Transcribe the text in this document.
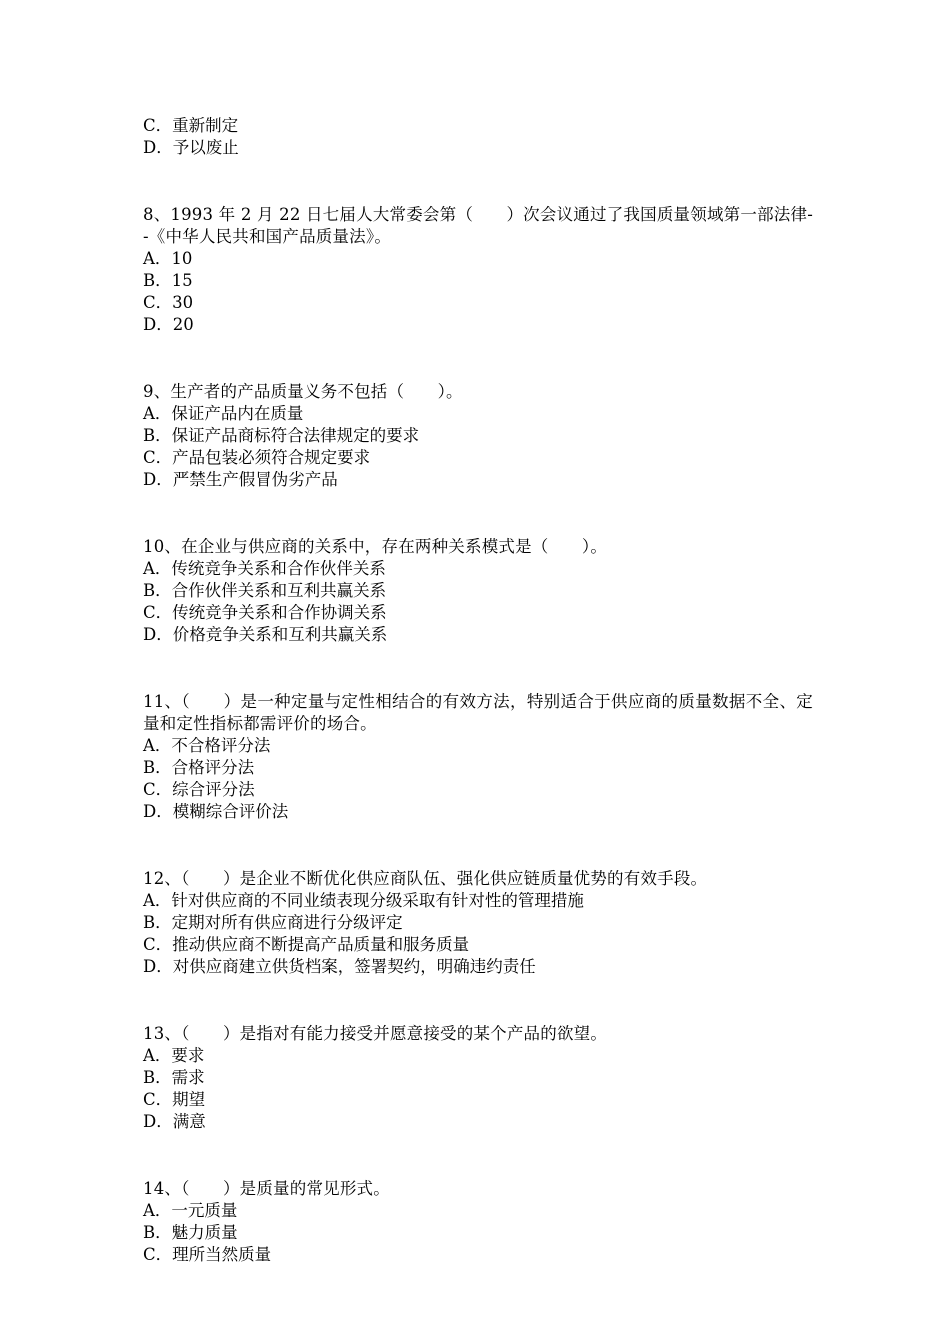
C．重新制定
D．予以废止
8、1993 年 2 月 22 日七届人大常委会第（　　）次会议通过了我国质量领域第一部法律--《中华人民共和国产品质量法》。
A．10
B．15
C．30
D．20
9、生产者的产品质量义务不包括（　　）。
A．保证产品内在质量
B．保证产品商标符合法律规定的要求
C．产品包装必须符合规定要求
D．严禁生产假冒伪劣产品
10、在企业与供应商的关系中，存在两种关系模式是（　　）。
A．传统竞争关系和合作伙伴关系
B．合作伙伴关系和互利共赢关系
C．传统竞争关系和合作协调关系
D．价格竞争关系和互利共赢关系
11、（　　）是一种定量与定性相结合的有效方法，特别适合于供应商的质量数据不全、定量和定性指标都需评价的场合。
A．不合格评分法
B．合格评分法
C．综合评分法
D．模糊综合评价法
12、（　　）是企业不断优化供应商队伍、强化供应链质量优势的有效手段。
A．针对供应商的不同业绩表现分级采取有针对性的管理措施
B．定期对所有供应商进行分级评定
C．推动供应商不断提高产品质量和服务质量
D．对供应商建立供货档案，签署契约，明确违约责任
13、（　　）是指对有能力接受并愿意接受的某个产品的欲望。
A．要求
B．需求
C．期望
D．满意
14、（　　）是质量的常见形式。
A．一元质量
B．魅力质量
C．理所当然质量
